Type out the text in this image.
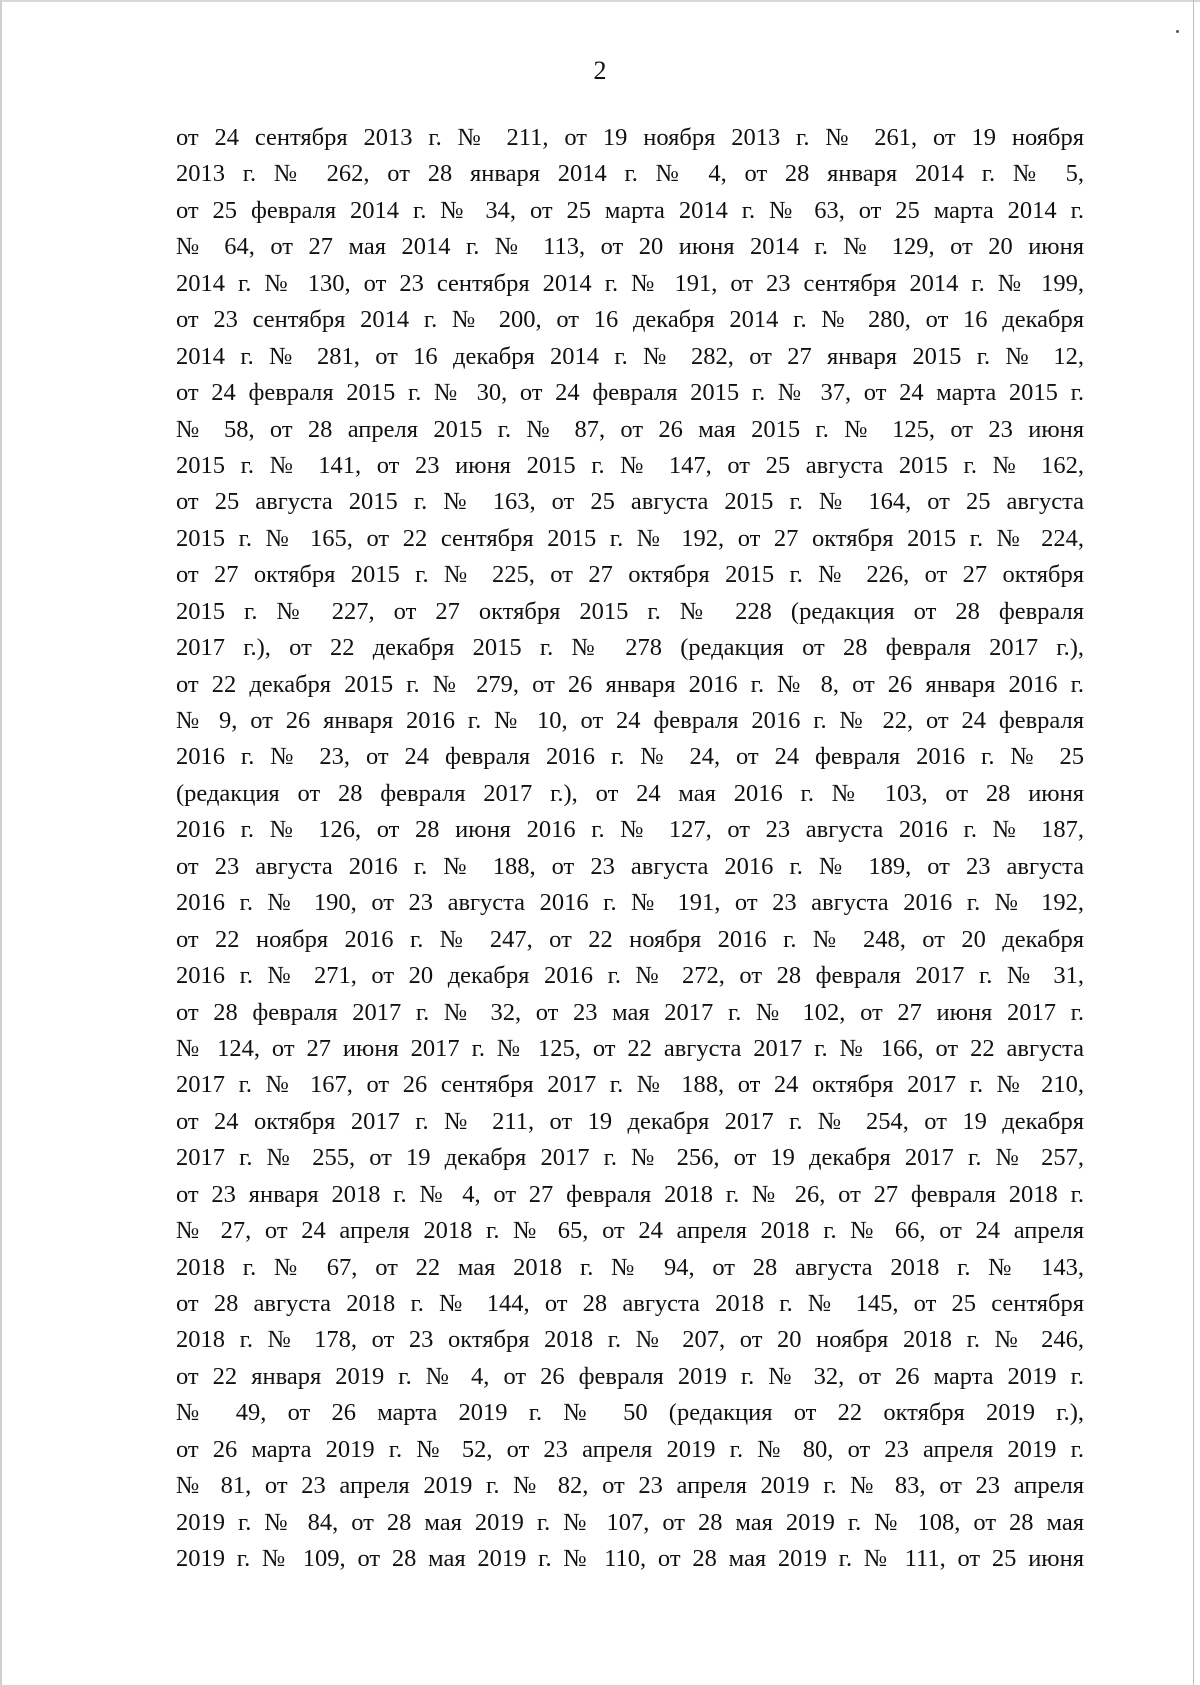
2
от 24 сентября 2013 г. № 211, от 19 ноября 2013 г. № 261, от 19 ноября
2013 г. № 262, от 28 января 2014 г. № 4, от 28 января 2014 г. № 5,
от 25 февраля 2014 г. № 34, от 25 марта 2014 г. № 63, от 25 марта 2014 г.
№ 64, от 27 мая 2014 г. № 113, от 20 июня 2014 г. № 129, от 20 июня
2014 г. № 130, от 23 сентября 2014 г. № 191, от 23 сентября 2014 г. № 199,
от 23 сентября 2014 г. № 200, от 16 декабря 2014 г. № 280, от 16 декабря
2014 г. № 281, от 16 декабря 2014 г. № 282, от 27 января 2015 г. № 12,
от 24 февраля 2015 г. № 30, от 24 февраля 2015 г. № 37, от 24 марта 2015 г.
№ 58, от 28 апреля 2015 г. № 87, от 26 мая 2015 г. № 125, от 23 июня
2015 г. № 141, от 23 июня 2015 г. № 147, от 25 августа 2015 г. № 162,
от 25 августа 2015 г. № 163, от 25 августа 2015 г. № 164, от 25 августа
2015 г. № 165, от 22 сентября 2015 г. № 192, от 27 октября 2015 г. № 224,
от 27 октября 2015 г. № 225, от 27 октября 2015 г. № 226, от 27 октября
2015 г. № 227, от 27 октября 2015 г. № 228 (редакция от 28 февраля
2017 г.), от 22 декабря 2015 г. № 278 (редакция от 28 февраля 2017 г.),
от 22 декабря 2015 г. № 279, от 26 января 2016 г. № 8, от 26 января 2016 г.
№ 9, от 26 января 2016 г. № 10, от 24 февраля 2016 г. № 22, от 24 февраля
2016 г. № 23, от 24 февраля 2016 г. № 24, от 24 февраля 2016 г. № 25
(редакция от 28 февраля 2017 г.), от 24 мая 2016 г. № 103, от 28 июня
2016 г. № 126, от 28 июня 2016 г. № 127, от 23 августа 2016 г. № 187,
от 23 августа 2016 г. № 188, от 23 августа 2016 г. № 189, от 23 августа
2016 г. № 190, от 23 августа 2016 г. № 191, от 23 августа 2016 г. № 192,
от 22 ноября 2016 г. № 247, от 22 ноября 2016 г. № 248, от 20 декабря
2016 г. № 271, от 20 декабря 2016 г. № 272, от 28 февраля 2017 г. № 31,
от 28 февраля 2017 г. № 32, от 23 мая 2017 г. № 102, от 27 июня 2017 г.
№ 124, от 27 июня 2017 г. № 125, от 22 августа 2017 г. № 166, от 22 августа
2017 г. № 167, от 26 сентября 2017 г. № 188, от 24 октября 2017 г. № 210,
от 24 октября 2017 г. № 211, от 19 декабря 2017 г. № 254, от 19 декабря
2017 г. № 255, от 19 декабря 2017 г. № 256, от 19 декабря 2017 г. № 257,
от 23 января 2018 г. № 4, от 27 февраля 2018 г. № 26, от 27 февраля 2018 г.
№ 27, от 24 апреля 2018 г. № 65, от 24 апреля 2018 г. № 66, от 24 апреля
2018 г. № 67, от 22 мая 2018 г. № 94, от 28 августа 2018 г. № 143,
от 28 августа 2018 г. № 144, от 28 августа 2018 г. № 145, от 25 сентября
2018 г. № 178, от 23 октября 2018 г. № 207, от 20 ноября 2018 г. № 246,
от 22 января 2019 г. № 4, от 26 февраля 2019 г. № 32, от 26 марта 2019 г.
№ 49, от 26 марта 2019 г. № 50 (редакция от 22 октября 2019 г.),
от 26 марта 2019 г. № 52, от 23 апреля 2019 г. № 80, от 23 апреля 2019 г.
№ 81, от 23 апреля 2019 г. № 82, от 23 апреля 2019 г. № 83, от 23 апреля
2019 г. № 84, от 28 мая 2019 г. № 107, от 28 мая 2019 г. № 108, от 28 мая
2019 г. № 109, от 28 мая 2019 г. № 110, от 28 мая 2019 г. № 111, от 25 июня
